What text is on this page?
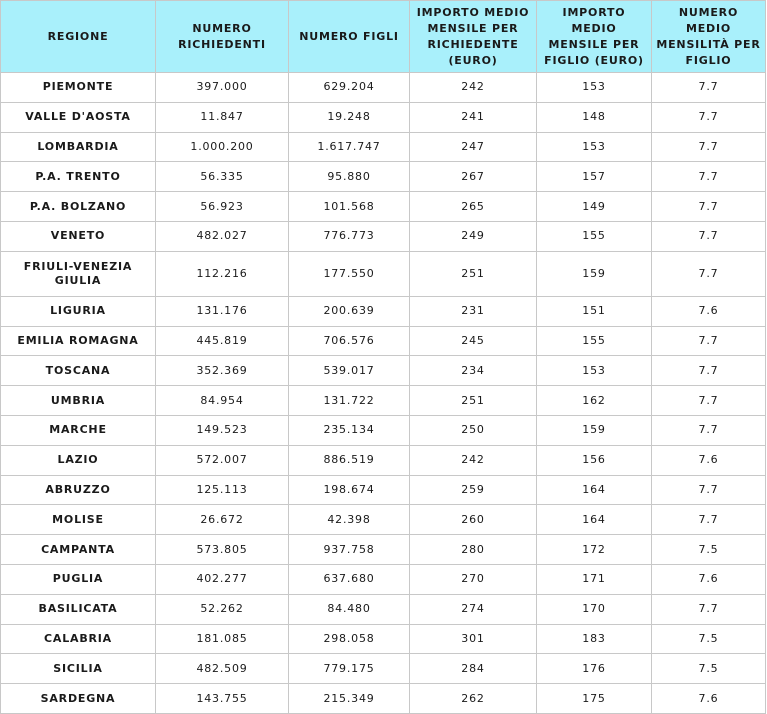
REGIONE	NUMERO RICHIEDENTI	NUMERO FIGLI	IMPORTO MEDIO MENSILE PER RICHIEDENTE (EURO)	IMPORTO MEDIO MENSILE PER FIGLIO (EURO)	NUMERO MEDIO MENSILITÀ PER FIGLIO
PIEMONTE	397.000	629.204	242	153	7.7
VALLE D'AOSTA	11.847	19.248	241	148	7.7
LOMBARDIA	1.000.200	1.617.747	247	153	7.7
P.A. TRENTO	56.335	95.880	267	157	7.7
P.A. BOLZANO	56.923	101.568	265	149	7.7
VENETO	482.027	776.773	249	155	7.7
FRIULI-VENEZIA GIULIA	112.216	177.550	251	159	7.7
LIGURIA	131.176	200.639	231	151	7.6
EMILIA ROMAGNA	445.819	706.576	245	155	7.7
TOSCANA	352.369	539.017	234	153	7.7
UMBRIA	84.954	131.722	251	162	7.7
MARCHE	149.523	235.134	250	159	7.7
LAZIO	572.007	886.519	242	156	7.6
ABRUZZO	125.113	198.674	259	164	7.7
MOLISE	26.672	42.398	260	164	7.7
CAMPANTA	573.805	937.758	280	172	7.5
PUGLIA	402.277	637.680	270	171	7.6
BASILICATA	52.262	84.480	274	170	7.7
CALABRIA	181.085	298.058	301	183	7.5
SICILIA	482.509	779.175	284	176	7.5
SARDEGNA	143.755	215.349	262	175	7.6
